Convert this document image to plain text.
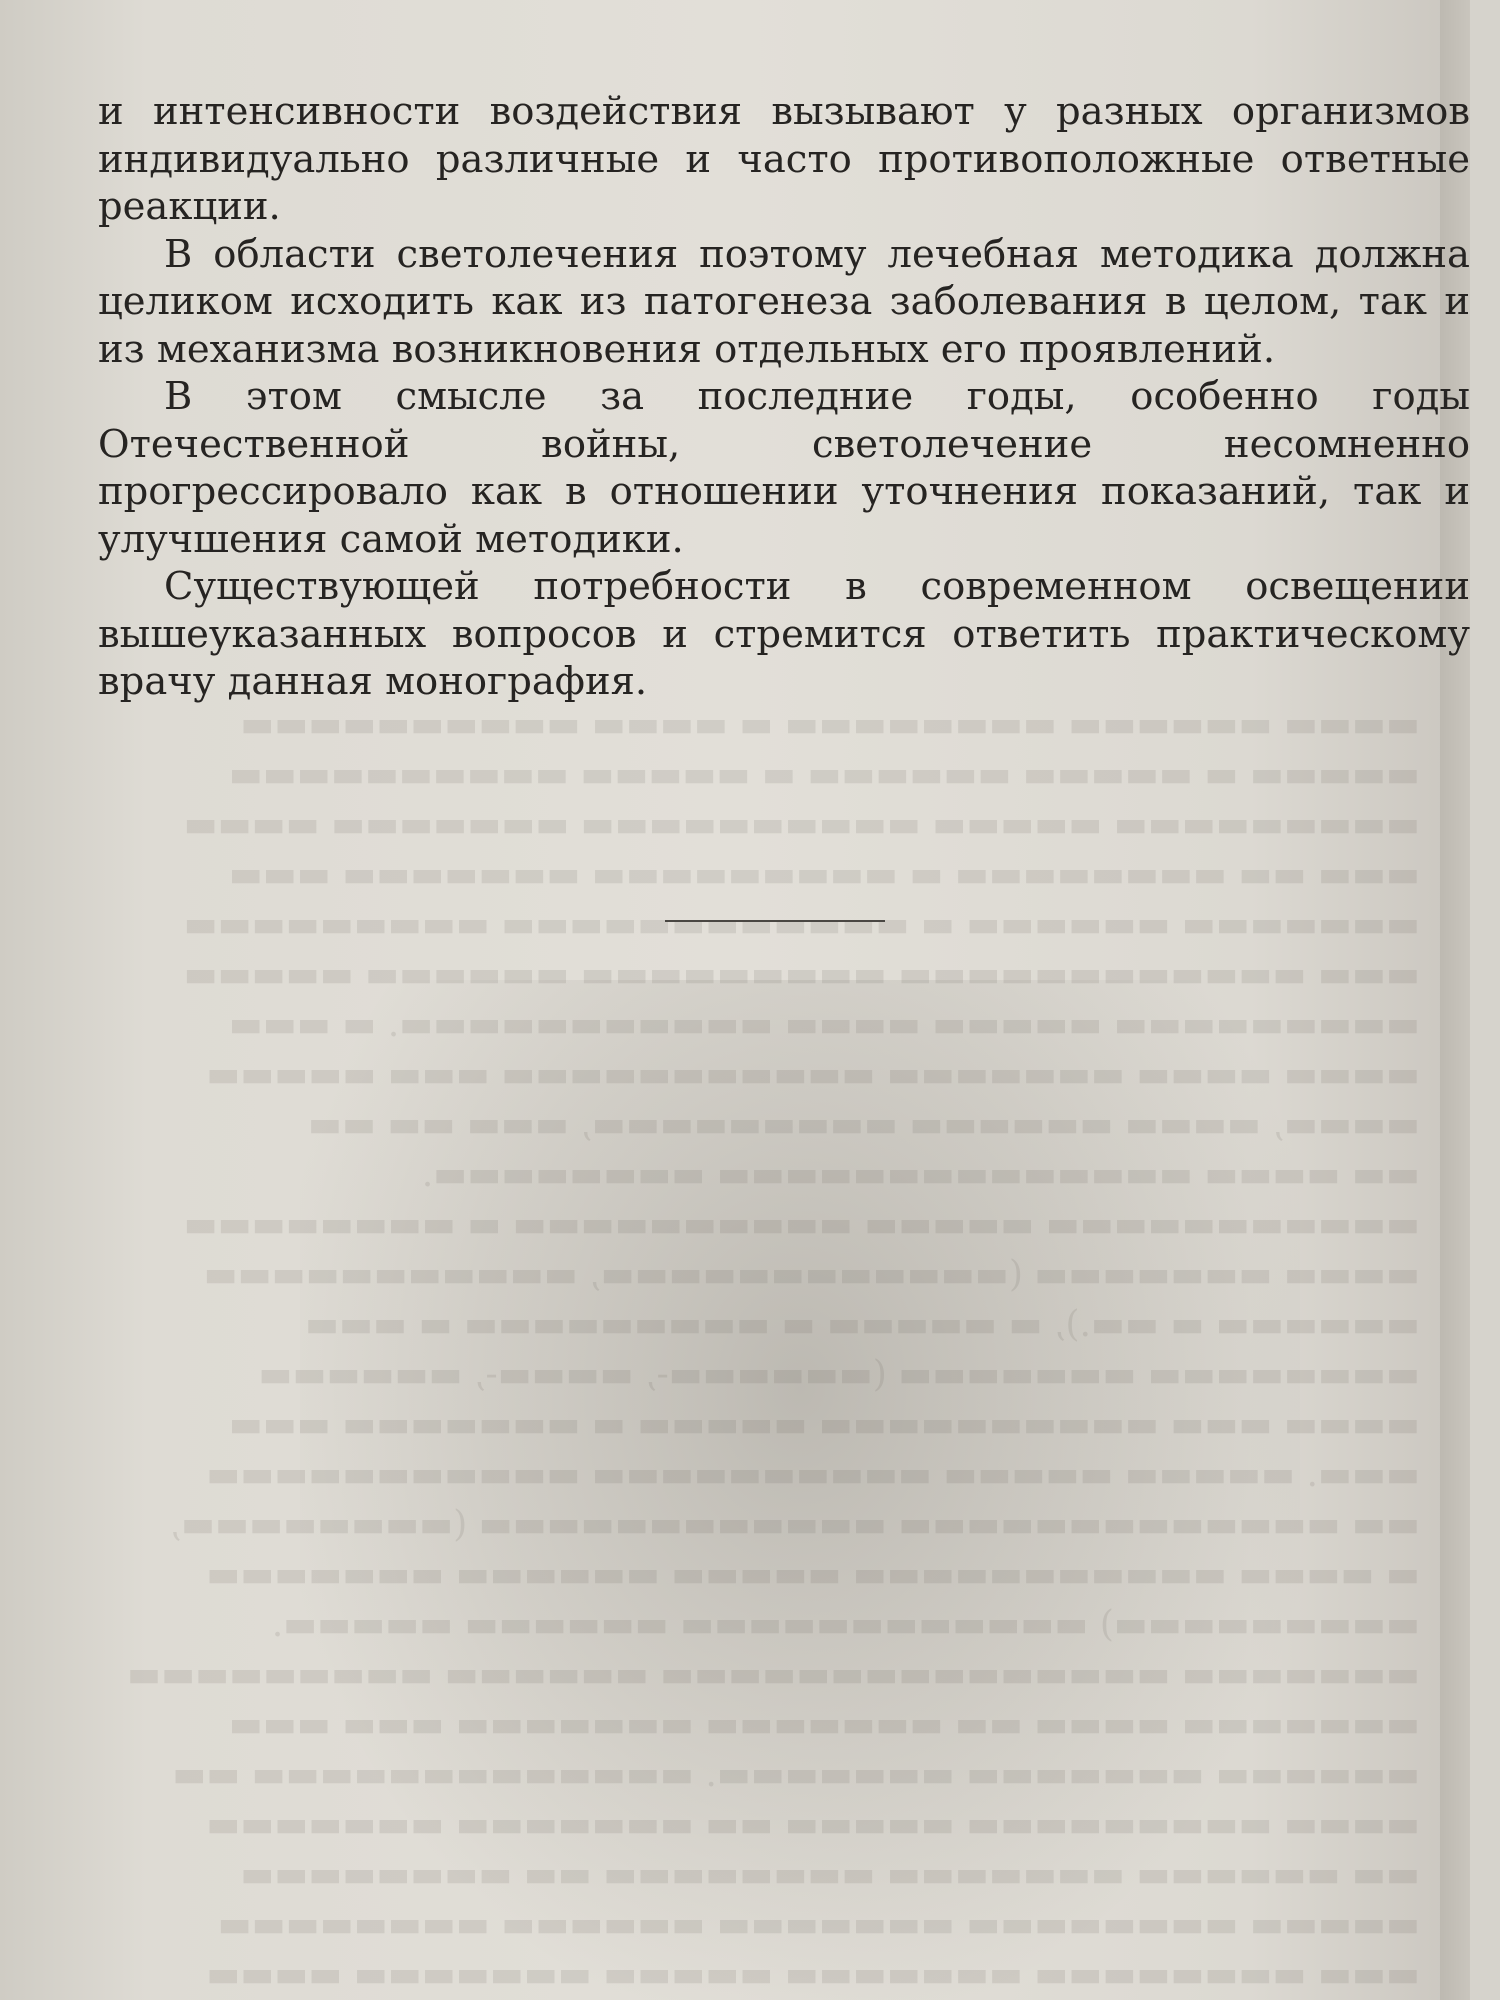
▬▬▬▬ ▬▬▬▬▬▬ ▬▬▬▬▬▬▬▬ ▬ ▬▬▬▬ ▬▬▬▬▬▬▬▬▬▬
▬▬▬▬▬ ▬ ▬▬▬▬▬ ▬▬▬▬▬▬ ▬ ▬▬▬▬▬ ▬▬▬▬▬▬▬▬▬▬
▬▬▬▬▬▬▬▬▬ ▬▬▬▬▬ ▬▬▬▬▬▬▬▬▬▬ ▬▬▬▬▬▬▬ ▬▬▬▬
▬▬▬ ▬▬ ▬▬▬▬▬▬▬▬ ▬ ▬▬▬▬▬▬▬▬▬ ▬▬▬▬▬▬▬ ▬▬▬
▬▬▬▬▬▬▬ ▬▬▬▬▬▬ ▬ ▬▬▬▬▬▬▬▬▬▬▬▬ ▬▬▬▬▬▬▬▬▬
▬▬▬ ▬▬▬▬▬▬▬▬▬▬▬▬ ▬▬▬▬▬▬▬▬▬ ▬▬▬▬▬▬ ▬▬▬▬▬
▬▬▬▬▬▬▬▬▬ ▬▬▬▬▬ ▬▬▬▬ ▬▬▬▬▬▬▬▬▬▬▬. ▬ ▬▬▬
▬▬▬▬ ▬▬▬▬ ▬▬▬▬▬▬▬ ▬▬▬▬▬▬▬▬▬▬▬ ▬▬▬ ▬▬▬▬▬
▬▬▬▬, ▬▬▬▬ ▬▬▬▬▬▬ ▬▬▬▬▬▬▬▬▬, ▬▬▬ ▬▬ ▬▬
▬▬ ▬▬▬▬ ▬▬▬▬▬▬▬▬▬▬▬▬▬▬ ▬▬▬▬▬▬▬▬.
▬▬▬▬▬▬▬▬▬▬▬ ▬▬▬▬▬ ▬▬▬▬▬▬▬▬▬▬ ▬ ▬▬▬▬▬▬▬▬
▬▬▬▬ ▬▬▬▬▬▬▬ (▬▬▬▬▬▬▬▬▬▬▬▬, ▬▬▬▬▬▬▬▬▬▬▬
▬▬▬▬▬▬ ▬ ▬▬.), ▬ ▬▬▬▬▬ ▬ ▬▬▬▬▬▬▬▬▬ ▬ ▬▬▬
▬▬▬▬▬▬▬▬ ▬▬▬▬▬▬▬ (▬▬▬▬▬▬-, ▬▬▬▬-, ▬▬▬▬▬▬
▬▬▬▬ ▬▬▬ ▬▬▬▬▬▬▬▬▬▬ ▬▬▬▬▬ ▬ ▬▬▬▬▬▬▬ ▬▬▬
▬▬▬. ▬▬▬▬▬ ▬▬▬▬▬ ▬▬▬▬▬▬▬▬▬▬ ▬▬▬▬▬▬▬▬▬▬▬
▬▬ ▬▬▬▬▬▬▬▬▬▬▬▬▬ ▬▬▬▬▬▬▬▬▬▬▬▬ (▬▬▬▬▬▬▬▬,
▬ ▬▬▬▬ ▬▬▬▬▬▬▬▬▬▬▬ ▬▬▬▬▬ ▬▬▬▬▬▬ ▬▬▬▬▬▬▬
▬▬▬▬▬▬▬▬▬) ▬▬▬▬▬▬▬▬▬▬▬▬ ▬▬▬▬▬▬ ▬▬▬▬▬.
▬▬▬▬▬▬▬ ▬▬▬▬▬▬▬▬▬▬▬▬▬▬▬ ▬▬▬▬▬▬ ▬▬▬▬▬▬▬▬▬
▬▬▬▬▬▬▬ ▬▬▬▬ ▬▬ ▬▬▬▬▬▬▬ ▬▬▬▬▬▬▬ ▬▬▬ ▬▬▬
▬▬▬▬▬▬ ▬▬▬▬▬▬▬ ▬▬▬▬▬▬▬. ▬▬▬▬▬▬▬▬▬▬▬▬▬ ▬▬
▬▬▬▬ ▬▬▬▬▬▬▬▬▬ ▬▬▬▬▬ ▬▬ ▬▬▬▬▬▬▬ ▬▬▬▬▬▬▬
▬▬ ▬▬▬▬▬▬ ▬▬▬▬▬▬▬ ▬▬▬▬▬▬▬▬ ▬▬ ▬▬▬▬▬▬▬▬
▬▬▬▬▬ ▬▬▬▬▬▬▬▬ ▬▬▬▬▬▬▬ ▬▬▬▬▬▬ ▬▬▬▬▬▬▬▬
▬▬▬ ▬▬▬▬▬▬▬▬ ▬▬▬▬▬▬▬ ▬▬▬▬▬ ▬▬▬▬▬▬▬ ▬▬▬▬

и интенсивности воздействия вызывают у разных организмов индивидуально различные и часто противоположные ответные реакции.

В области светолечения поэтому лечебная методика должна целиком исходить как из патогенеза заболевания в целом, так и из механизма возникновения отдельных его проявлений.

В этом смысле за последние годы, особенно годы Отечественной войны, светолечение несомненно прогрессировало как в отношении уточнения показаний, так и улучшения самой методики.

Существующей потребности в современном освещении вышеуказанных вопросов и стремится ответить практическому врачу данная монография.
